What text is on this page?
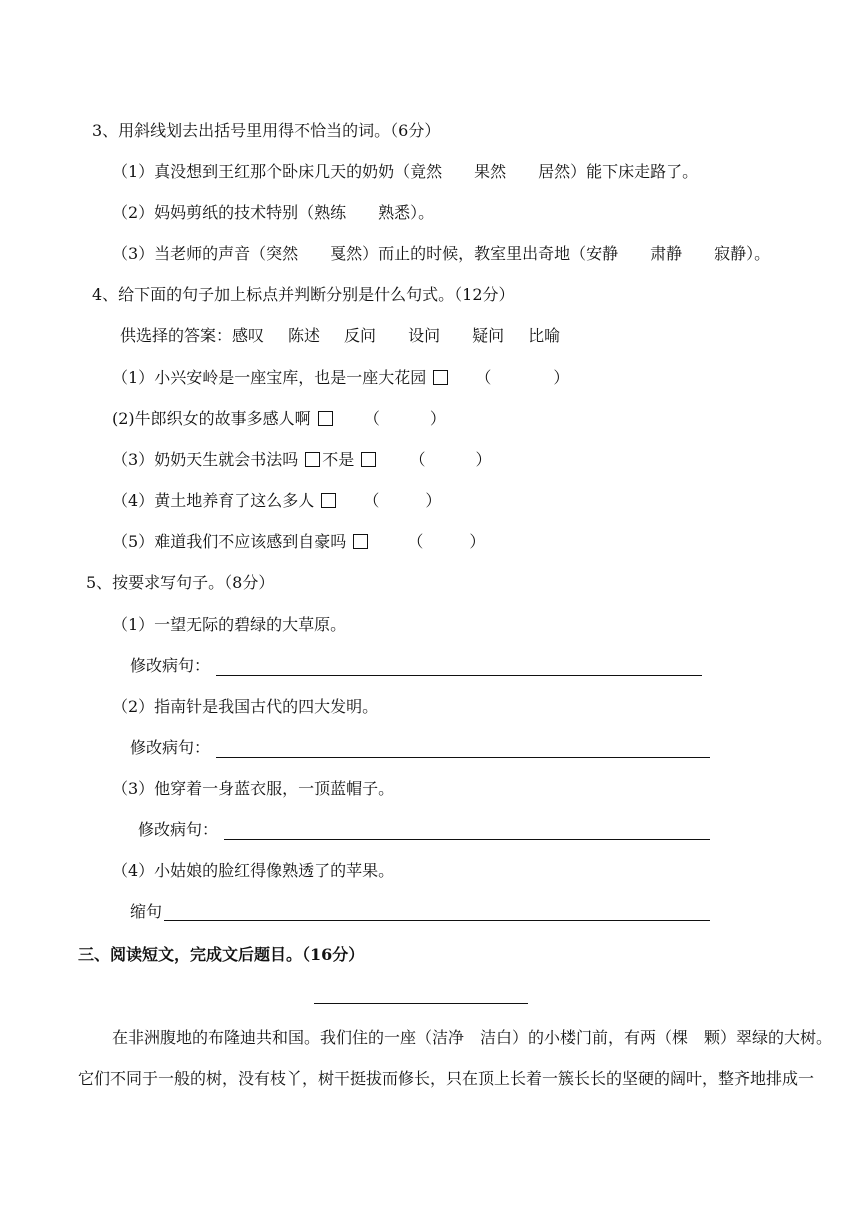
3、用斜线划去出括号里用得不恰当的词。（6分）
（1）真没想到王红那个卧床几天的奶奶（竟然　　果然　　居然）能下床走路了。
（2）妈妈剪纸的技术特别（熟练　　熟悉）。
（3）当老师的声音（突然　　戛然）而止的时候，教室里出奇地（安静　　肃静　　寂静）。
4、给下面的句子加上标点并判断分别是什么句式。（12分）
供选择的答案：感叹 陈述 反问 设问 疑问 比喻
（1）小兴安岭是一座宝库，也是一座大花园	（	）
(2)牛郎织女的故事多感人啊	（	）
（3）奶奶天生就会书法吗 不是	（	）
（4）黄土地养育了这么多人	（	）
（5）难道我们不应该感到自豪吗	（	）
5、按要求写句子。（8分）
（1）一望无际的碧绿的大草原。
修改病句：
（2）指南针是我国古代的四大发明。
修改病句：
（3）他穿着一身蓝衣服，一顶蓝帽子。
修改病句：
（4）小姑娘的脸红得像熟透了的苹果。
缩句
三、阅读短文，完成文后题目。（16分）
在非洲腹地的布隆迪共和国。我们住的一座（洁净　洁白）的小楼门前，有两（棵　颗）翠绿的大树。
它们不同于一般的树，没有枝丫，树干挺拔而修长，只在顶上长着一簇长长的坚硬的阔叶，整齐地排成一
